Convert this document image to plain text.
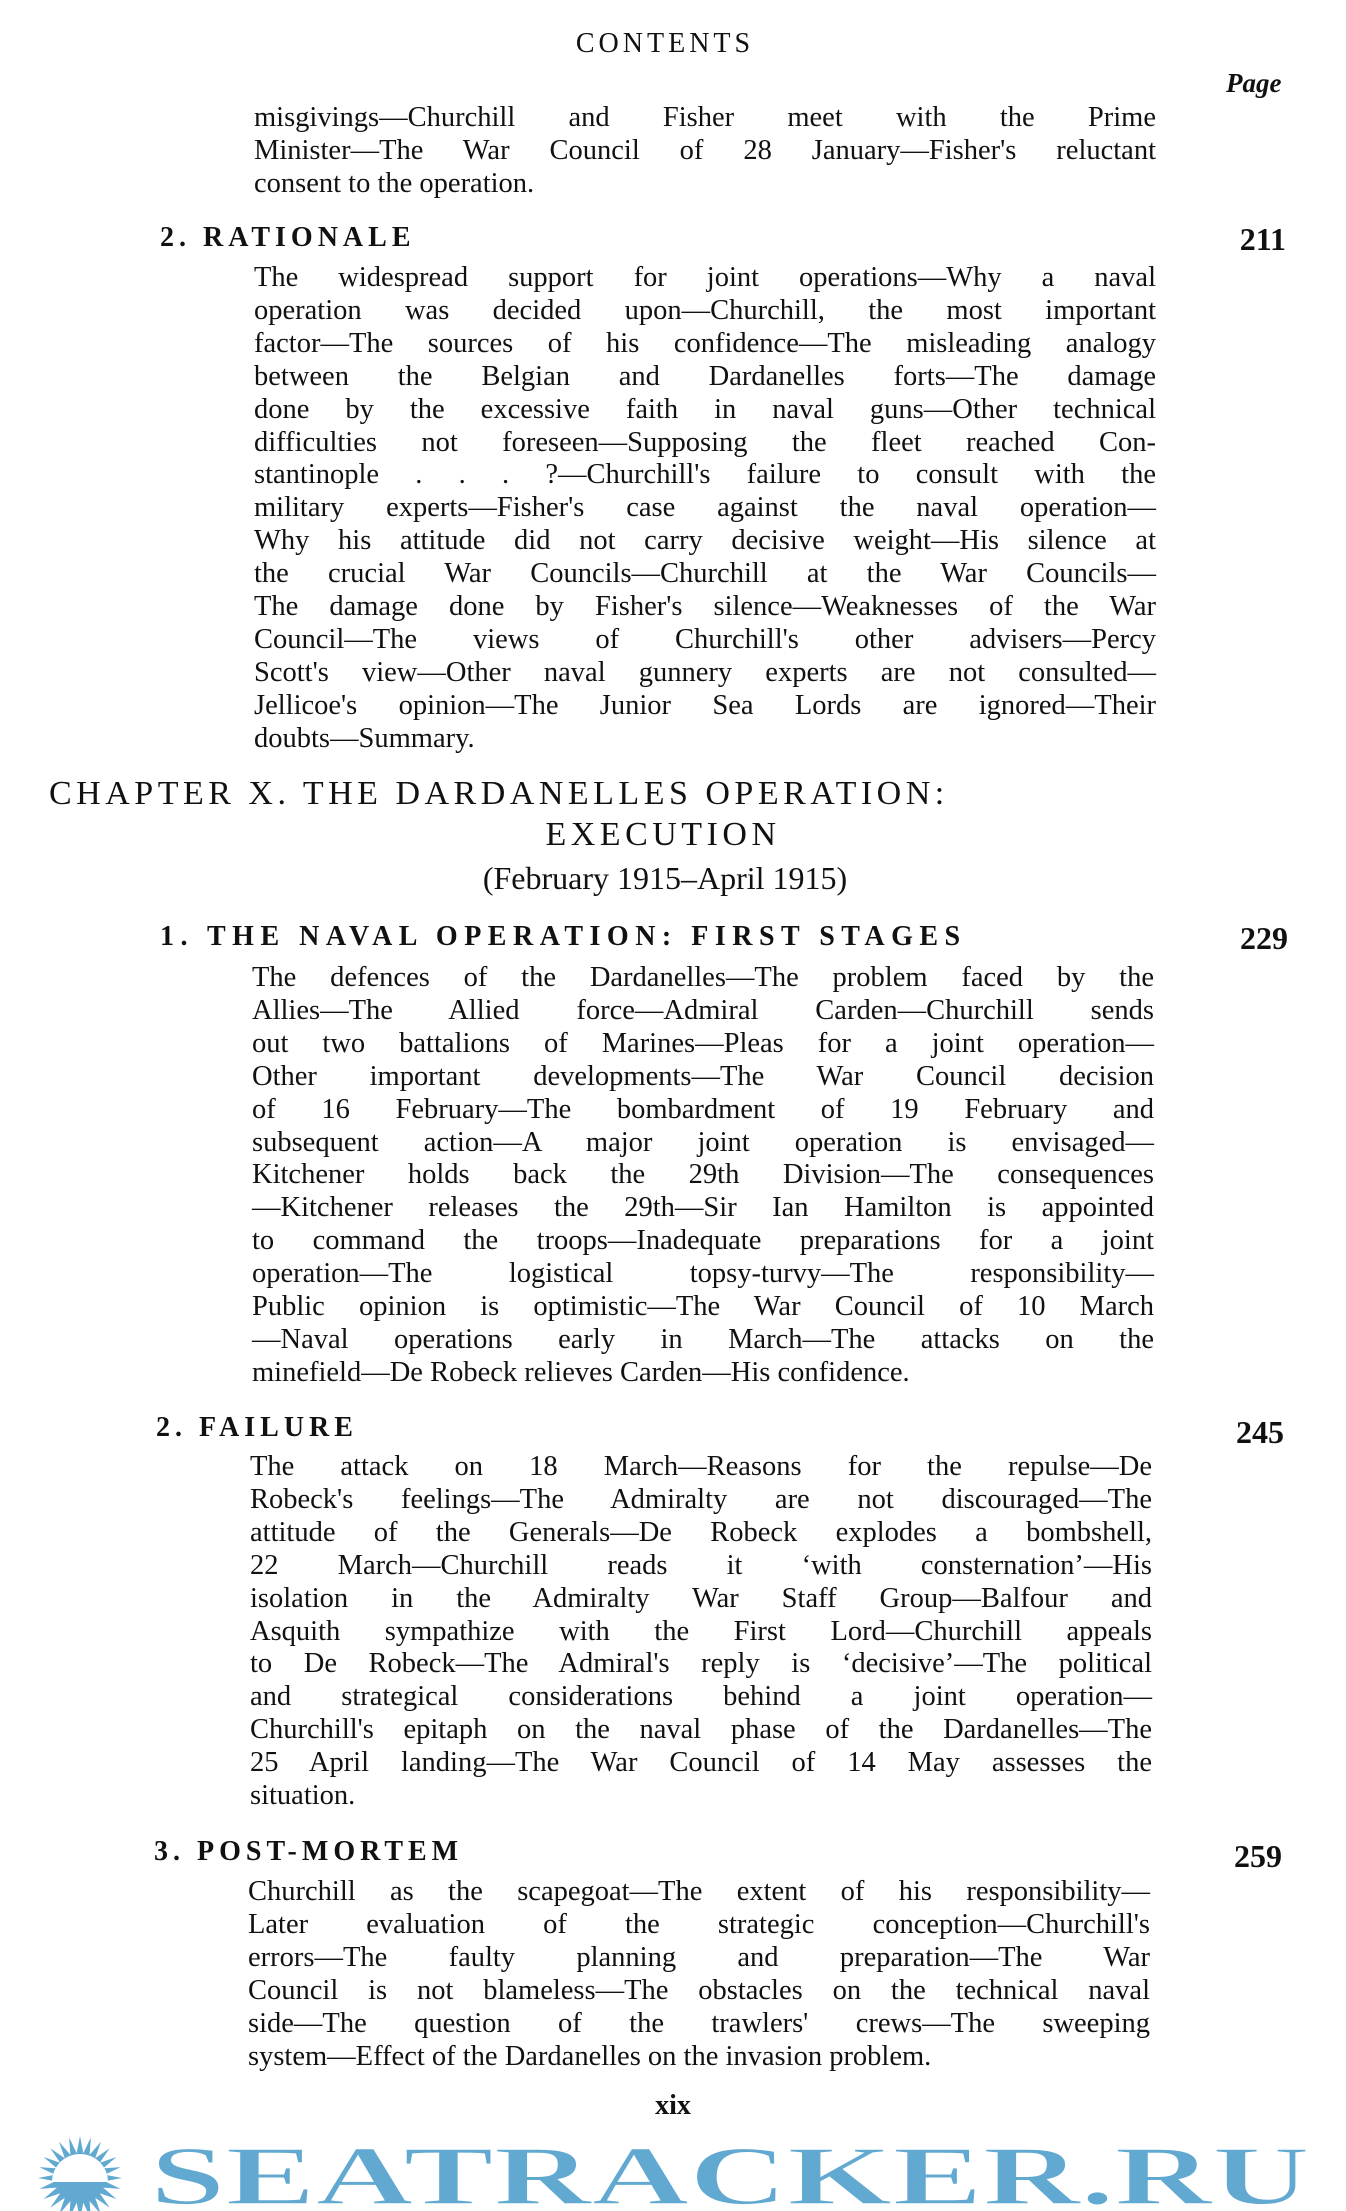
CONTENTS
Page
misgivings—Churchill and Fisher meet with the Prime
Minister—The War Council of 28 January—Fisher's reluctant
consent to the operation.
2. RATIONALE	211
The widespread support for joint operations—Why a naval
operation was decided upon—Churchill, the most important
factor—The sources of his confidence—The misleading analogy
between the Belgian and Dardanelles forts—The damage
done by the excessive faith in naval guns—Other technical
difficulties not foreseen—Supposing the fleet reached Con-
stantinople . . . ?—Churchill's failure to consult with the
military experts—Fisher's case against the naval operation—
Why his attitude did not carry decisive weight—His silence at
the crucial War Councils—Churchill at the War Councils—
The damage done by Fisher's silence—Weaknesses of the War
Council—The views of Churchill's other advisers—Percy
Scott's view—Other naval gunnery experts are not consulted—
Jellicoe's opinion—The Junior Sea Lords are ignored—Their
doubts—Summary.
CHAPTER X. THE DARDANELLES OPERATION:
EXECUTION
(February 1915–April 1915)
1. THE NAVAL OPERATION: FIRST STAGES	229
The defences of the Dardanelles—The problem faced by the
Allies—The Allied force—Admiral Carden—Churchill sends
out two battalions of Marines—Pleas for a joint operation—
Other important developments—The War Council decision
of 16 February—The bombardment of 19 February and
subsequent action—A major joint operation is envisaged—
Kitchener holds back the 29th Division—The consequences
—Kitchener releases the 29th—Sir Ian Hamilton is appointed
to command the troops—Inadequate preparations for a joint
operation—The logistical topsy-turvy—The responsibility—
Public opinion is optimistic—The War Council of 10 March
—Naval operations early in March—The attacks on the
minefield—De Robeck relieves Carden—His confidence.
2. FAILURE	245
The attack on 18 March—Reasons for the repulse—De
Robeck's feelings—The Admiralty are not discouraged—The
attitude of the Generals—De Robeck explodes a bombshell,
22 March—Churchill reads it ‘with consternation’—His
isolation in the Admiralty War Staff Group—Balfour and
Asquith sympathize with the First Lord—Churchill appeals
to De Robeck—The Admiral's reply is ‘decisive’—The political
and strategical considerations behind a joint operation—
Churchill's epitaph on the naval phase of the Dardanelles—The
25 April landing—The War Council of 14 May assesses the
situation.
3. POST-MORTEM	259
Churchill as the scapegoat—The extent of his responsibility—
Later evaluation of the strategic conception—Churchill's
errors—The faulty planning and preparation—The War
Council is not blameless—The obstacles on the technical naval
side—The question of the trawlers' crews—The sweeping
system—Effect of the Dardanelles on the invasion problem.
xix
SEATRACKER.RU
